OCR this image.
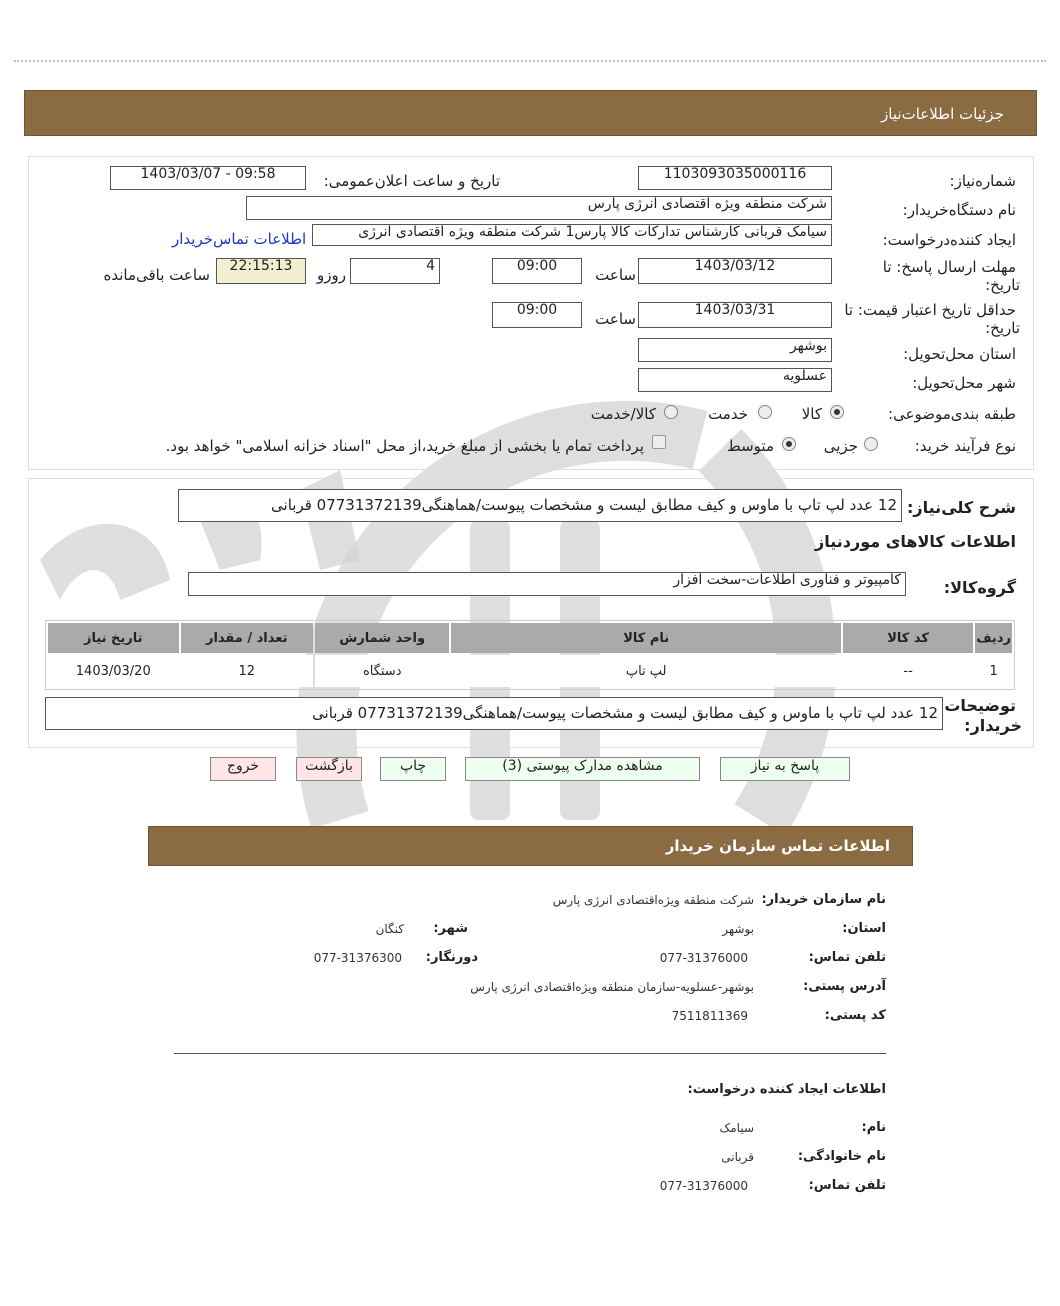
جزئیات اطلاعات‌نیاز
شماره‌نیاز:
1103093035000116
تاریخ و ساعت اعلان‌عمومی:
1403/03/07 - 09:58
نام دستگاه‌خریدار:
شرکت منطقه ویژه اقتصادی انرژی پارس
ایجاد کننده‌درخواست:
سیامک قربانی کارشناس تدارکات کالا پارس1 شرکت منطقه ویژه اقتصادی انرژی
اطلاعات تماس‌خریدار
مهلت ارسال پاسخ: تا
تاریخ:
1403/03/12
ساعت
09:00
4
روزو
22:15:13
ساعت باقی‌مانده
حداقل تاریخ اعتبار قیمت: تا
تاریخ:
1403/03/31
ساعت
09:00
استان محل‌تحویل:
بوشهر
شهر محل‌تحویل:
عسلویه
طبقه بندی‌موضوعی:
کالا
خدمت
کالا/خدمت
نوع فرآیند خرید:
جزیی
متوسط
پرداخت تمام یا بخشی از مبلغ خرید،از محل "اسناد خزانه اسلامی" خواهد بود.
شرح کلی‌نیاز:
12 عدد لپ تاپ با ماوس و کیف مطابق لیست و مشخصات پیوست/هماهنگی07731372139 قربانی
اطلاعات کالاهای موردنیاز
گروه‌کالا:
کامپیوتر و فناوری اطلاعات-سخت افزار
ردیف	کد کالا	نام کالا	واحد شمارش	تعداد / مقدار	تاریخ نیاز
1	--	لپ تاپ	دستگاه	12	1403/03/20
توضیحات
خریدار:
12 عدد لپ تاپ با ماوس و کیف مطابق لیست و مشخصات پیوست/هماهنگی07731372139 قربانی
پاسخ به نیاز
مشاهده مدارک پیوستی (3)
چاپ
بازگشت
خروج
اطلاعات تماس سازمان خریدار
نام سازمان خریدار:
شرکت منطقه ویژه‌اقتصادی انرژی پارس
استان:
بوشهر
شهر:
کنگان
تلفن تماس:
077-31376000
دورنگار:
077-31376300
آدرس پستی:
بوشهر-عسلویه-سازمان منطقه ویژه‌اقتصادی انرژی پارس
کد پستی:
7511811369
اطلاعات ایجاد کننده درخواست:
نام:
سیامک
نام خانوادگی:
قربانی
تلفن تماس:
077-31376000
